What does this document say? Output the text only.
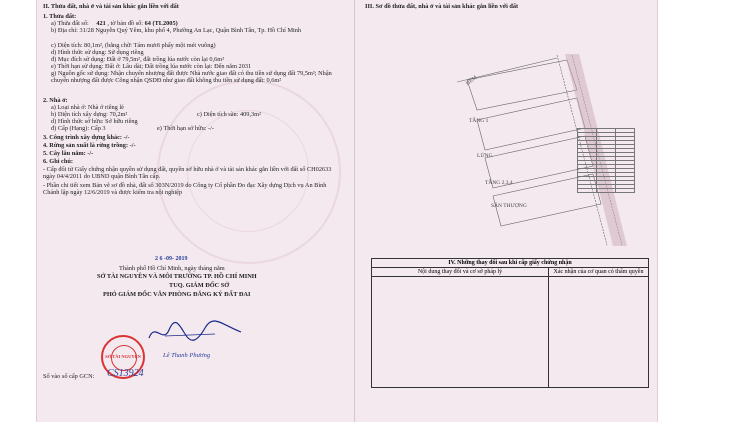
II. Thửa đất, nhà ở và tài sản khác gắn liền với đất
1. Thửa đất:
a) Thửa đất số: 421 , tờ bản đồ số: 64 (TL2005)
b) Địa chỉ: 31/28 Nguyễn Quý Yêm, khu phố 4, Phường An Lạc, Quận Bình Tân, Tp. Hồ Chí Minh
c) Diện tích: 80,1m², (bằng chữ: Tám mươi phẩy một mét vuông)
d) Hình thức sử dụng: Sử dụng riêng
đ) Mục đích sử dụng: Đất ở 79,5m², đất trồng lúa nước còn lại 0,6m²
e) Thời hạn sử dụng: Đất ở: Lâu dài; Đất trồng lúa nước còn lại: Đến năm 2031
g) Nguồn gốc sử dụng: Nhận chuyển nhượng đất được Nhà nước giao đất có thu tiền sử dụng đất 79,5m²; Nhận chuyển nhượng đất được Công nhận QSDĐ như giao đất không thu tiền sử dụng đất: 0,6m²
2. Nhà ở:
a) Loại nhà ở: Nhà ở riêng lẻ
b) Diện tích xây dựng: 70,2m²	c) Diện tích sàn: 409,3m²
d) Hình thức sở hữu: Sở hữu riêng
đ) Cấp (Hạng): Cấp 3	e) Thời hạn sở hữu: -/-
3. Công trình xây dựng khác: -/-
4. Rừng sản xuất là rừng trồng: -/-
5. Cây lâu năm: -/-
6. Ghi chú:
- Cấp đổi từ Giấy chứng nhận quyền sử dụng đất, quyền sở hữu nhà ở và tài sản khác gắn liền với đất số CH02633 ngày 04/4/2011 do UBND quận Bình Tân cấp.
- Phần chi tiết xem Bản vẽ sơ đồ nhà, đất số 303N/2019 do Công ty Cổ phần Đo đạc Xây dựng Dịch vụ An Bình Chánh lập ngày 12/6/2019 và được kiểm tra nội nghiệp
2 6 -09- 2019
Thành phố Hồ Chí Minh, ngày tháng năm
SỞ TÀI NGUYÊN VÀ MÔI TRƯỜNG TP. HỒ CHÍ MINH
TUQ. GIÁM ĐỐC SỞ
PHÓ GIÁM ĐỐC VĂN PHÒNG ĐĂNG KÝ ĐẤT ĐAI
SỞ TÀI NGUYÊN	Lê Thanh Phương
Số vào sổ cấp GCN: CS13924
III. Sơ đồ thửa đất, nhà ở và tài sản khác gắn liền với đất
HẺM
TẦNG 1
LỬNG
TẦNG 2,3,4
SÂN THƯỢNG

IV. Những thay đổi sau khi cấp giấy chứng nhận	
Nội dung thay đổi và cơ sở pháp lý	Xác nhận của cơ quan có thẩm quyền
